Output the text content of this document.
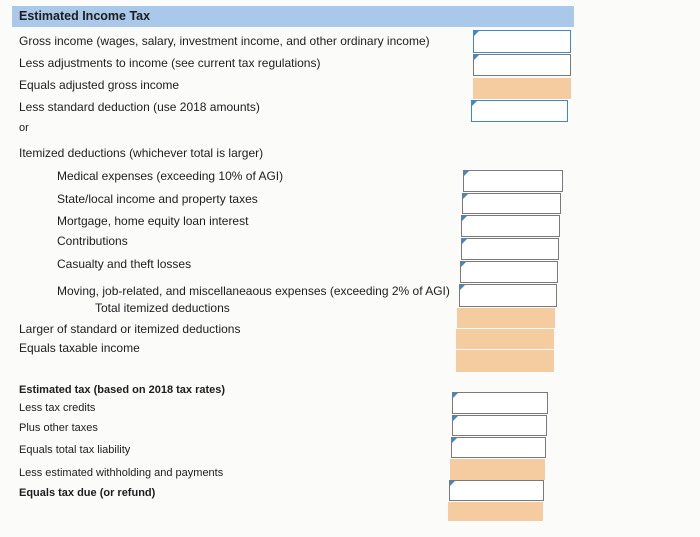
Estimated Income Tax
Gross income (wages, salary, investment income, and other ordinary income)
Less adjustments to income (see current tax regulations)
Equals adjusted gross income
Less standard deduction (use 2018 amounts)
or
Itemized deductions (whichever total is larger)
Medical expenses (exceeding 10% of AGI)
State/local income and property taxes
Mortgage, home equity loan interest
Contributions
Casualty and theft losses
Moving, job-related, and miscellaneaous expenses (exceeding 2% of AGI)
Total itemized deductions
Larger of standard or itemized deductions
Equals taxable income
Estimated tax (based on 2018 tax rates)
Less tax credits
Plus other taxes
Equals total tax liability
Less estimated withholding and payments
Equals tax due (or refund)
